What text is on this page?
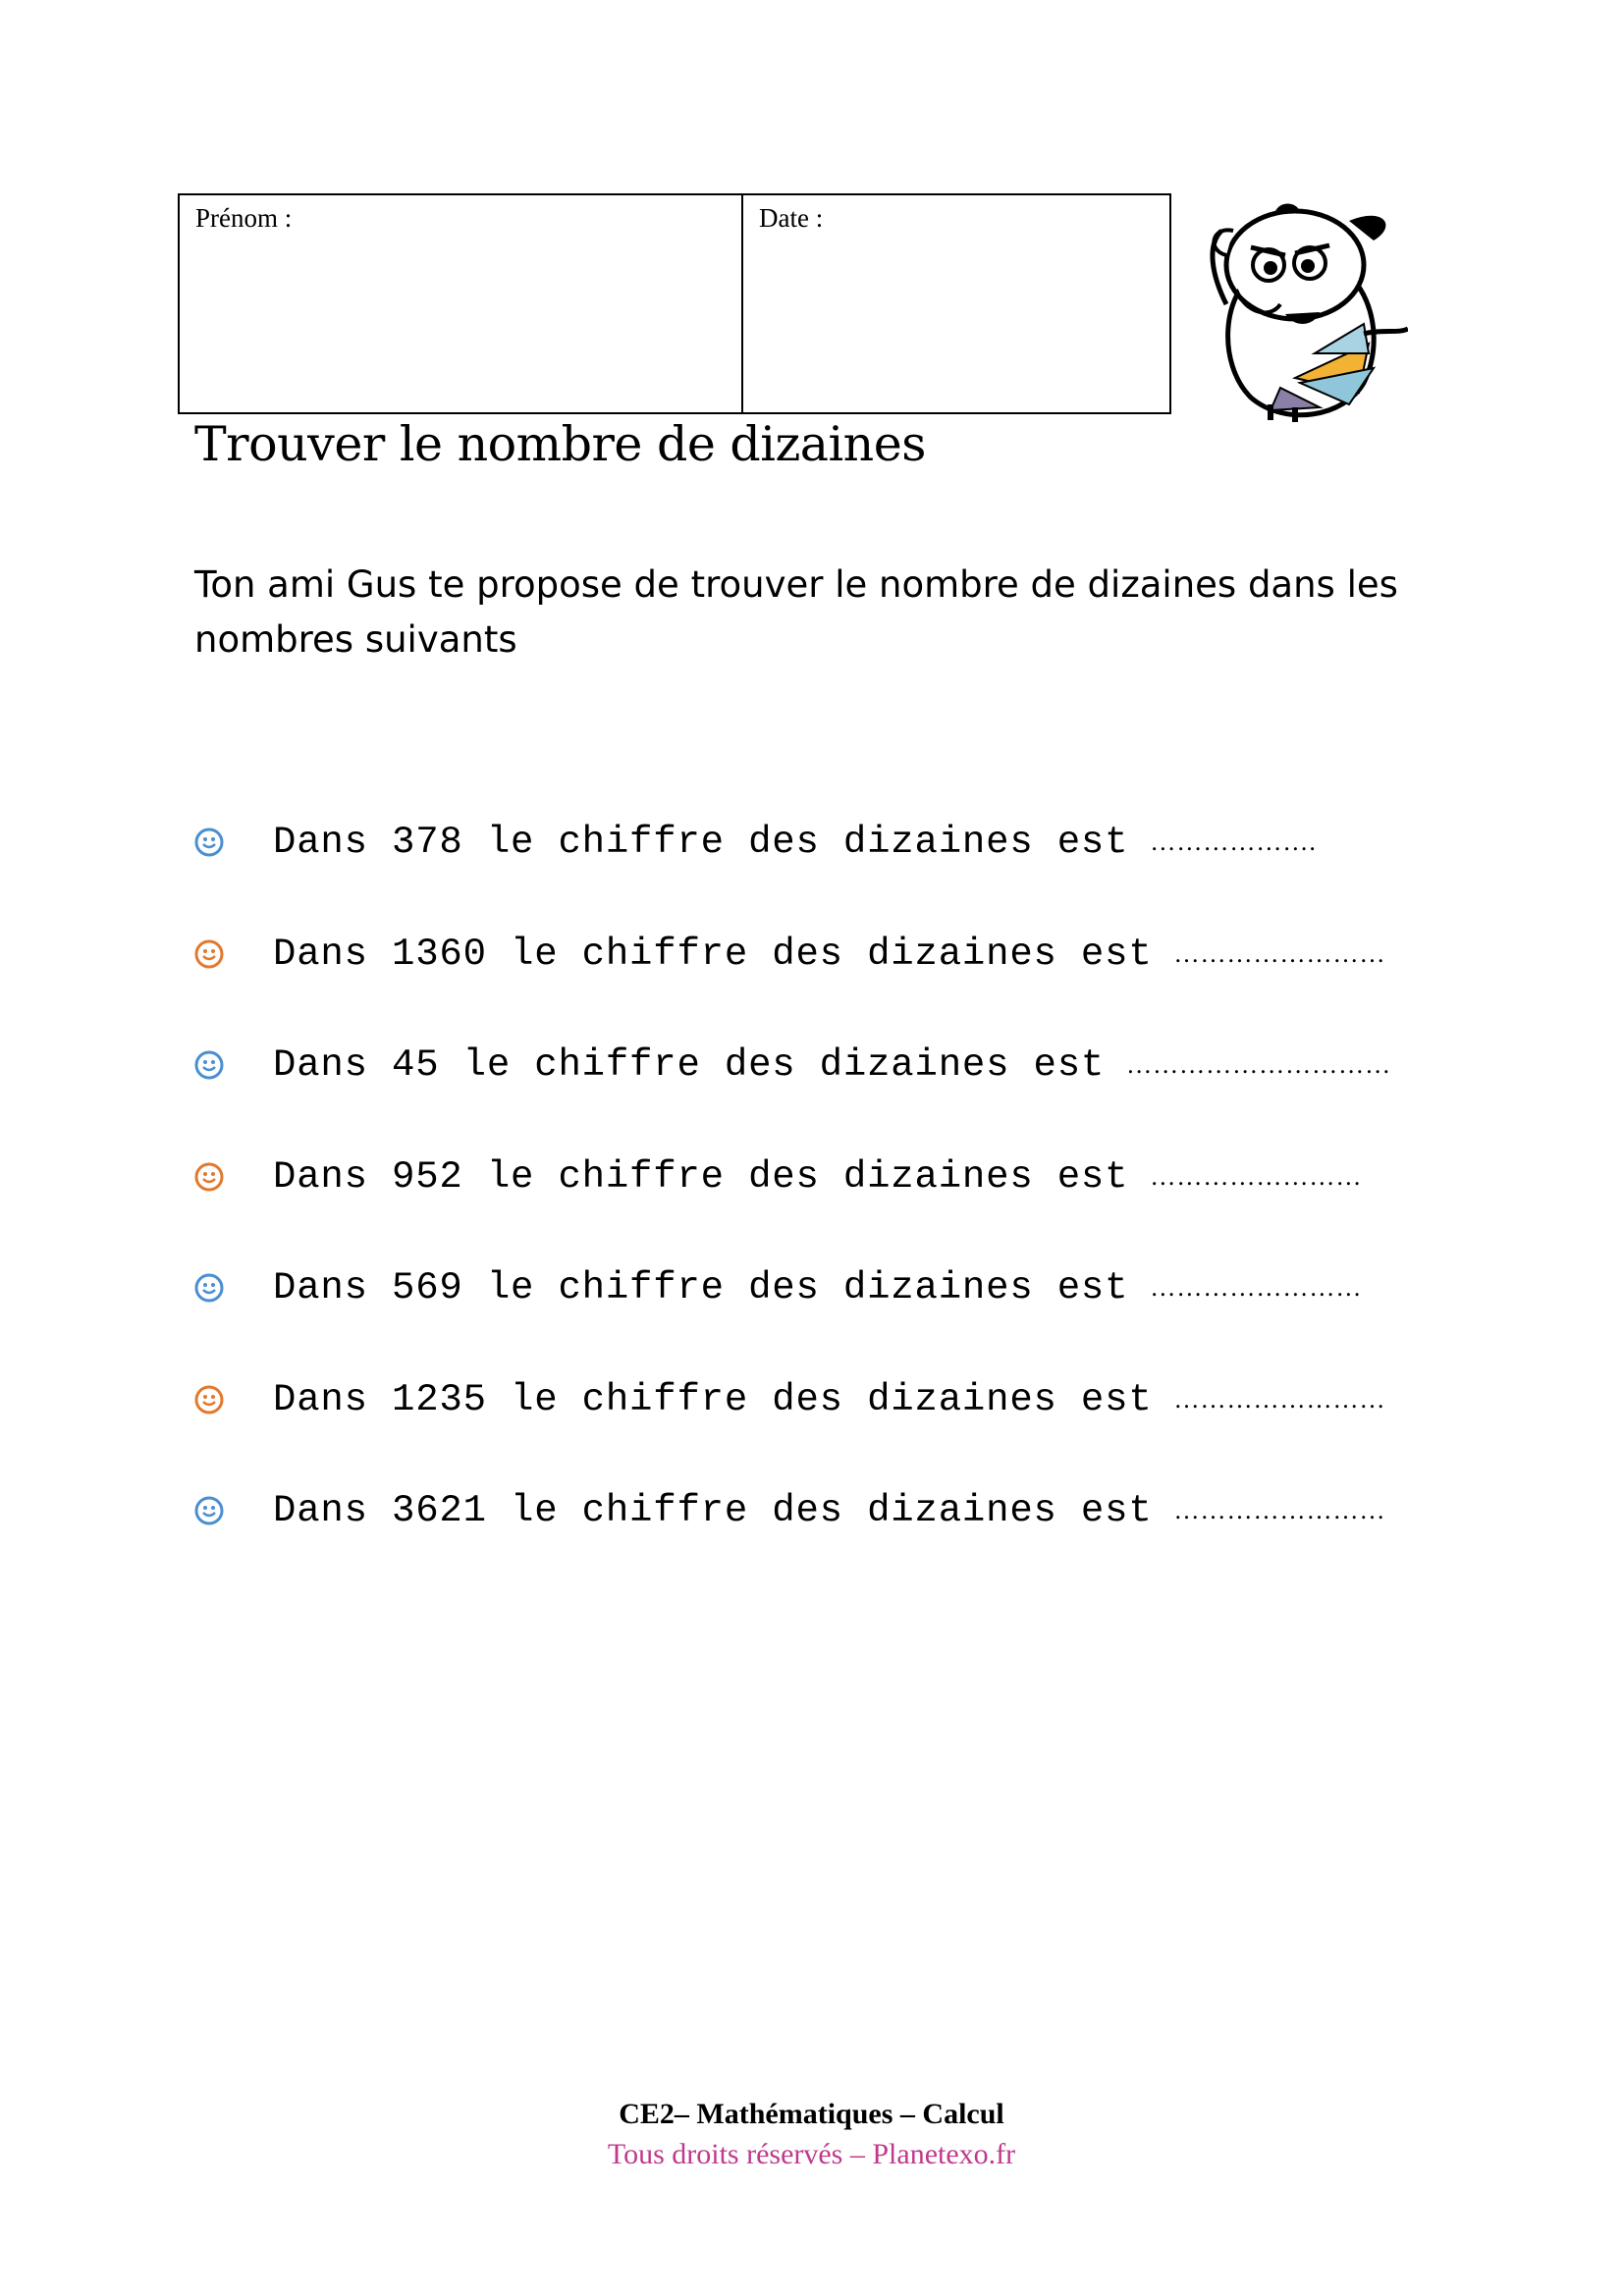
Prénom :	Date :
Trouver le nombre de dizaines

Ton ami Gus te propose de trouver le nombre de dizaines dans les nombres suivants

Dans 378 le chiffre des dizaines est ……………….
Dans 1360 le chiffre des dizaines est ……………………
Dans 45 le chiffre des dizaines est …………………………
Dans 952 le chiffre des dizaines est ……………………
Dans 569 le chiffre des dizaines est ……………………
Dans 1235 le chiffre des dizaines est ……………………
Dans 3621 le chiffre des dizaines est ……………………
CE2– Mathématiques – Calcul
Tous droits réservés – Planetexo.fr
